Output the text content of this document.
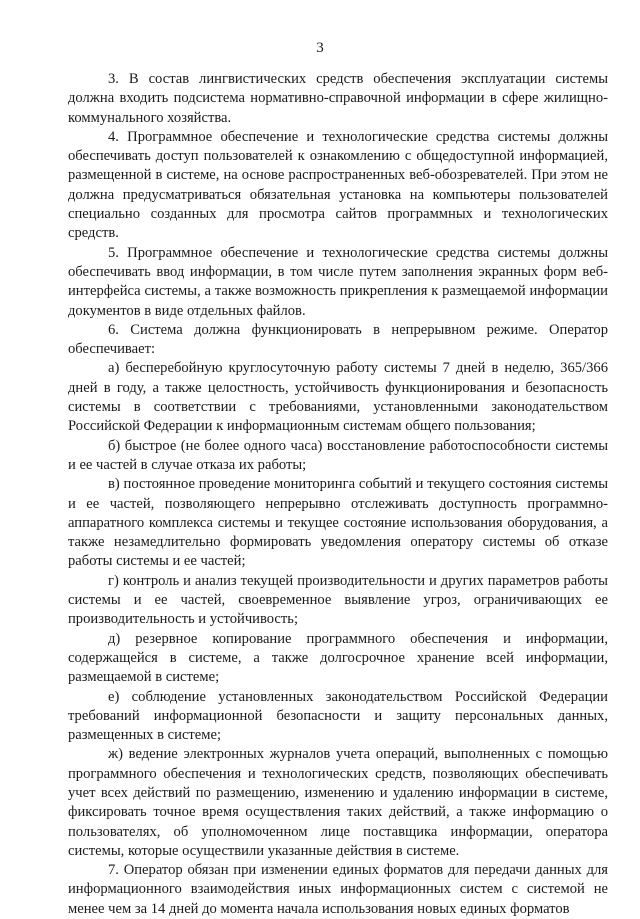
3

3. В состав лингвистических средств обеспечения эксплуатации системы должна входить подсистема нормативно-справочной информации в сфере жилищно-коммунального хозяйства.

4. Программное обеспечение и технологические средства системы должны обеспечивать доступ пользователей к ознакомлению с общедоступной информацией, размещенной в системе, на основе распространенных веб-обозревателей. При этом не должна предусматриваться обязательная установка на компьютеры пользователей специально созданных для просмотра сайтов программных и технологических средств.

5. Программное обеспечение и технологические средства системы должны обеспечивать ввод информации, в том числе путем заполнения экранных форм веб-интерфейса системы, а также возможность прикрепления к размещаемой информации документов в виде отдельных файлов.

6. Система должна функционировать в непрерывном режиме. Оператор обеспечивает:

а) бесперебойную круглосуточную работу системы 7 дней в неделю, 365/366 дней в году, а также целостность, устойчивость функционирования и безопасность системы в соответствии с требованиями, установленными законодательством Российской Федерации к информационным системам общего пользования;

б) быстрое (не более одного часа) восстановление работоспособности системы и ее частей в случае отказа их работы;

в) постоянное проведение мониторинга событий и текущего состояния системы и ее частей, позволяющего непрерывно отслеживать доступность программно-аппаратного комплекса системы и текущее состояние использования оборудования, а также незамедлительно формировать уведомления оператору системы об отказе работы системы и ее частей;

г) контроль и анализ текущей производительности и других параметров работы системы и ее частей, своевременное выявление угроз, ограничивающих ее производительность и устойчивость;

д) резервное копирование программного обеспечения и информации, содержащейся в системе, а также долгосрочное хранение всей информации, размещаемой в системе;

е) соблюдение установленных законодательством Российской Федерации требований информационной безопасности и защиту персональных данных, размещенных в системе;

ж) ведение электронных журналов учета операций, выполненных с помощью программного обеспечения и технологических средств, позволяющих обеспечивать учет всех действий по размещению, изменению и удалению информации в системе, фиксировать точное время осуществления таких действий, а также информацию о пользователях, об уполномоченном лице поставщика информации, оператора системы, которые осуществили указанные действия в системе.

7. Оператор обязан при изменении единых форматов для передачи данных для информационного взаимодействия иных информационных систем с системой не менее чем за 14 дней до момента начала использования новых единых форматов
